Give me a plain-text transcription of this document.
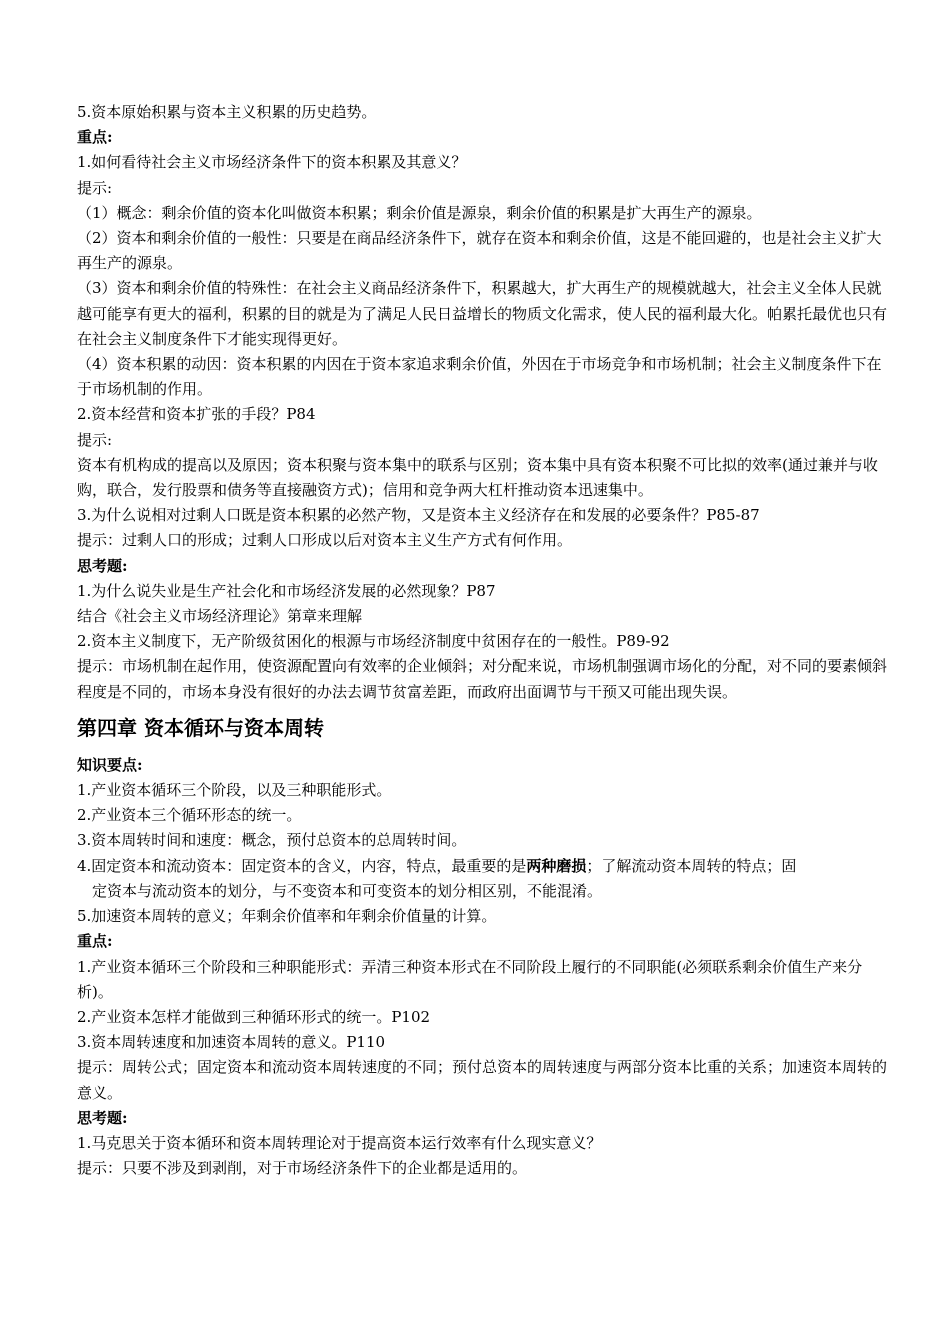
5.资本原始积累与资本主义积累的历史趋势。

重点:

1.如何看待社会主义市场经济条件下的资本积累及其意义？

提示:

（1）概念：剩余价值的资本化叫做资本积累；剩余价值是源泉，剩余价值的积累是扩大再生产的源泉。

（2）资本和剩余价值的一般性：只要是在商品经济条件下，就存在资本和剩余价值，这是不能回避的，也是社会主义扩大再生产的源泉。

（3）资本和剩余价值的特殊性：在社会主义商品经济条件下，积累越大，扩大再生产的规模就越大，社会主义全体人民就越可能享有更大的福利，积累的目的就是为了满足人民日益增长的物质文化需求，使人民的福利最大化。帕累托最优也只有在社会主义制度条件下才能实现得更好。

（4）资本积累的动因：资本积累的内因在于资本家追求剩余价值，外因在于市场竞争和市场机制；社会主义制度条件下在于市场机制的作用。

2.资本经营和资本扩张的手段？P84

提示:

资本有机构成的提高以及原因；资本积聚与资本集中的联系与区别；资本集中具有资本积聚不可比拟的效率(通过兼并与收购，联合，发行股票和债务等直接融资方式)；信用和竞争两大杠杆推动资本迅速集中。

3.为什么说相对过剩人口既是资本积累的必然产物，又是资本主义经济存在和发展的必要条件？P85-87

提示：过剩人口的形成；过剩人口形成以后对资本主义生产方式有何作用。

思考题:

1.为什么说失业是生产社会化和市场经济发展的必然现象？P87

结合《社会主义市场经济理论》第章来理解

2.资本主义制度下，无产阶级贫困化的根源与市场经济制度中贫困存在的一般性。P89-92

提示：市场机制在起作用，使资源配置向有效率的企业倾斜；对分配来说，市场机制强调市场化的分配，对不同的要素倾斜程度是不同的，市场本身没有很好的办法去调节贫富差距，而政府出面调节与干预又可能出现失误。

第四章 资本循环与资本周转

知识要点:

1.产业资本循环三个阶段，以及三种职能形式。

2.产业资本三个循环形态的统一。

3.资本周转时间和速度：概念，预付总资本的总周转时间。

4.固定资本和流动资本：固定资本的含义，内容，特点，最重要的是两种磨损；了解流动资本周转的特点；固

定资本与流动资本的划分，与不变资本和可变资本的划分相区别，不能混淆。

5.加速资本周转的意义；年剩余价值率和年剩余价值量的计算。

重点:

1.产业资本循环三个阶段和三种职能形式：弄清三种资本形式在不同阶段上履行的不同职能(必须联系剩余价值生产来分析)。

2.产业资本怎样才能做到三种循环形式的统一。P102

3.资本周转速度和加速资本周转的意义。P110

提示：周转公式；固定资本和流动资本周转速度的不同；预付总资本的周转速度与两部分资本比重的关系；加速资本周转的意义。

思考题:

1.马克思关于资本循环和资本周转理论对于提高资本运行效率有什么现实意义？

提示：只要不涉及到剥削，对于市场经济条件下的企业都是适用的。
